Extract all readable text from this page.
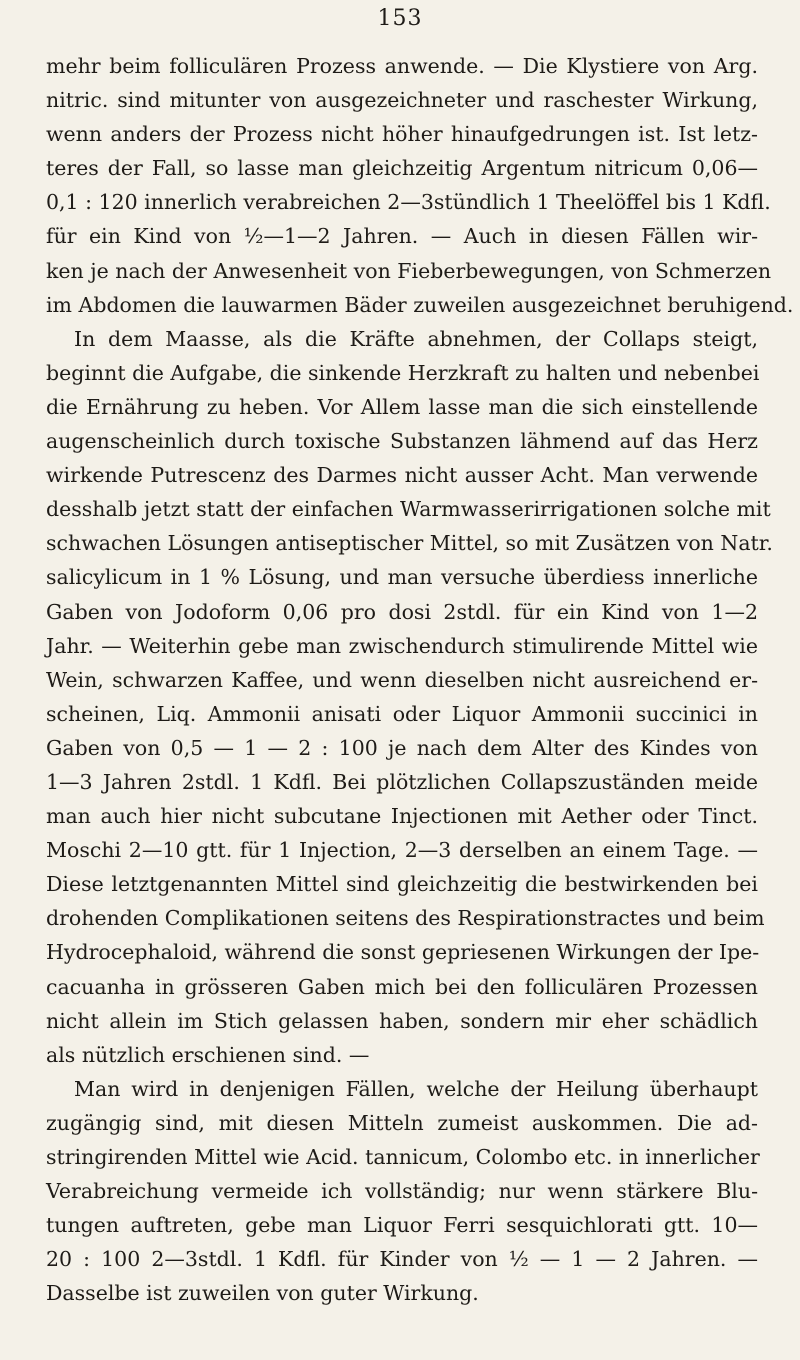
153
mehr beim folliculären Prozess anwende. — Die Klystiere von Arg.
nitric. sind mitunter von ausgezeichneter und raschester Wirkung,
wenn anders der Prozess nicht höher hinaufgedrungen ist. Ist letz-
teres der Fall, so lasse man gleichzeitig Argentum nitricum 0,06—
0,1 : 120 innerlich verabreichen 2—3stündlich 1 Theelöffel bis 1 Kdfl.
für ein Kind von ½—1—2 Jahren. — Auch in diesen Fällen wir-
ken je nach der Anwesenheit von Fieberbewegungen, von Schmerzen
im Abdomen die lauwarmen Bäder zuweilen ausgezeichnet beruhigend.
In dem Maasse, als die Kräfte abnehmen, der Collaps steigt,
beginnt die Aufgabe, die sinkende Herzkraft zu halten und nebenbei
die Ernährung zu heben. Vor Allem lasse man die sich einstellende
augenscheinlich durch toxische Substanzen lähmend auf das Herz
wirkende Putrescenz des Darmes nicht ausser Acht. Man verwende
desshalb jetzt statt der einfachen Warmwasserirrigationen solche mit
schwachen Lösungen antiseptischer Mittel, so mit Zusätzen von Natr.
salicylicum in 1 % Lösung, und man versuche überdiess innerliche
Gaben von Jodoform 0,06 pro dosi 2stdl. für ein Kind von 1—2
Jahr. — Weiterhin gebe man zwischendurch stimulirende Mittel wie
Wein, schwarzen Kaffee, und wenn dieselben nicht ausreichend er-
scheinen, Liq. Ammonii anisati oder Liquor Ammonii succinici in
Gaben von 0,5 — 1 — 2 : 100 je nach dem Alter des Kindes von
1—3 Jahren 2stdl. 1 Kdfl. Bei plötzlichen Collapszuständen meide
man auch hier nicht subcutane Injectionen mit Aether oder Tinct.
Moschi 2—10 gtt. für 1 Injection, 2—3 derselben an einem Tage. —
Diese letztgenannten Mittel sind gleichzeitig die bestwirkenden bei
drohenden Complikationen seitens des Respirationstractes und beim
Hydrocephaloid, während die sonst gepriesenen Wirkungen der Ipe-
cacuanha in grösseren Gaben mich bei den folliculären Prozessen
nicht allein im Stich gelassen haben, sondern mir eher schädlich
als nützlich erschienen sind. —
Man wird in denjenigen Fällen, welche der Heilung überhaupt
zugängig sind, mit diesen Mitteln zumeist auskommen. Die ad-
stringirenden Mittel wie Acid. tannicum, Colombo etc. in innerlicher
Verabreichung vermeide ich vollständig; nur wenn stärkere Blu-
tungen auftreten, gebe man Liquor Ferri sesquichlorati gtt. 10—
20 : 100 2—3stdl. 1 Kdfl. für Kinder von ½ — 1 — 2 Jahren. —
Dasselbe ist zuweilen von guter Wirkung.
